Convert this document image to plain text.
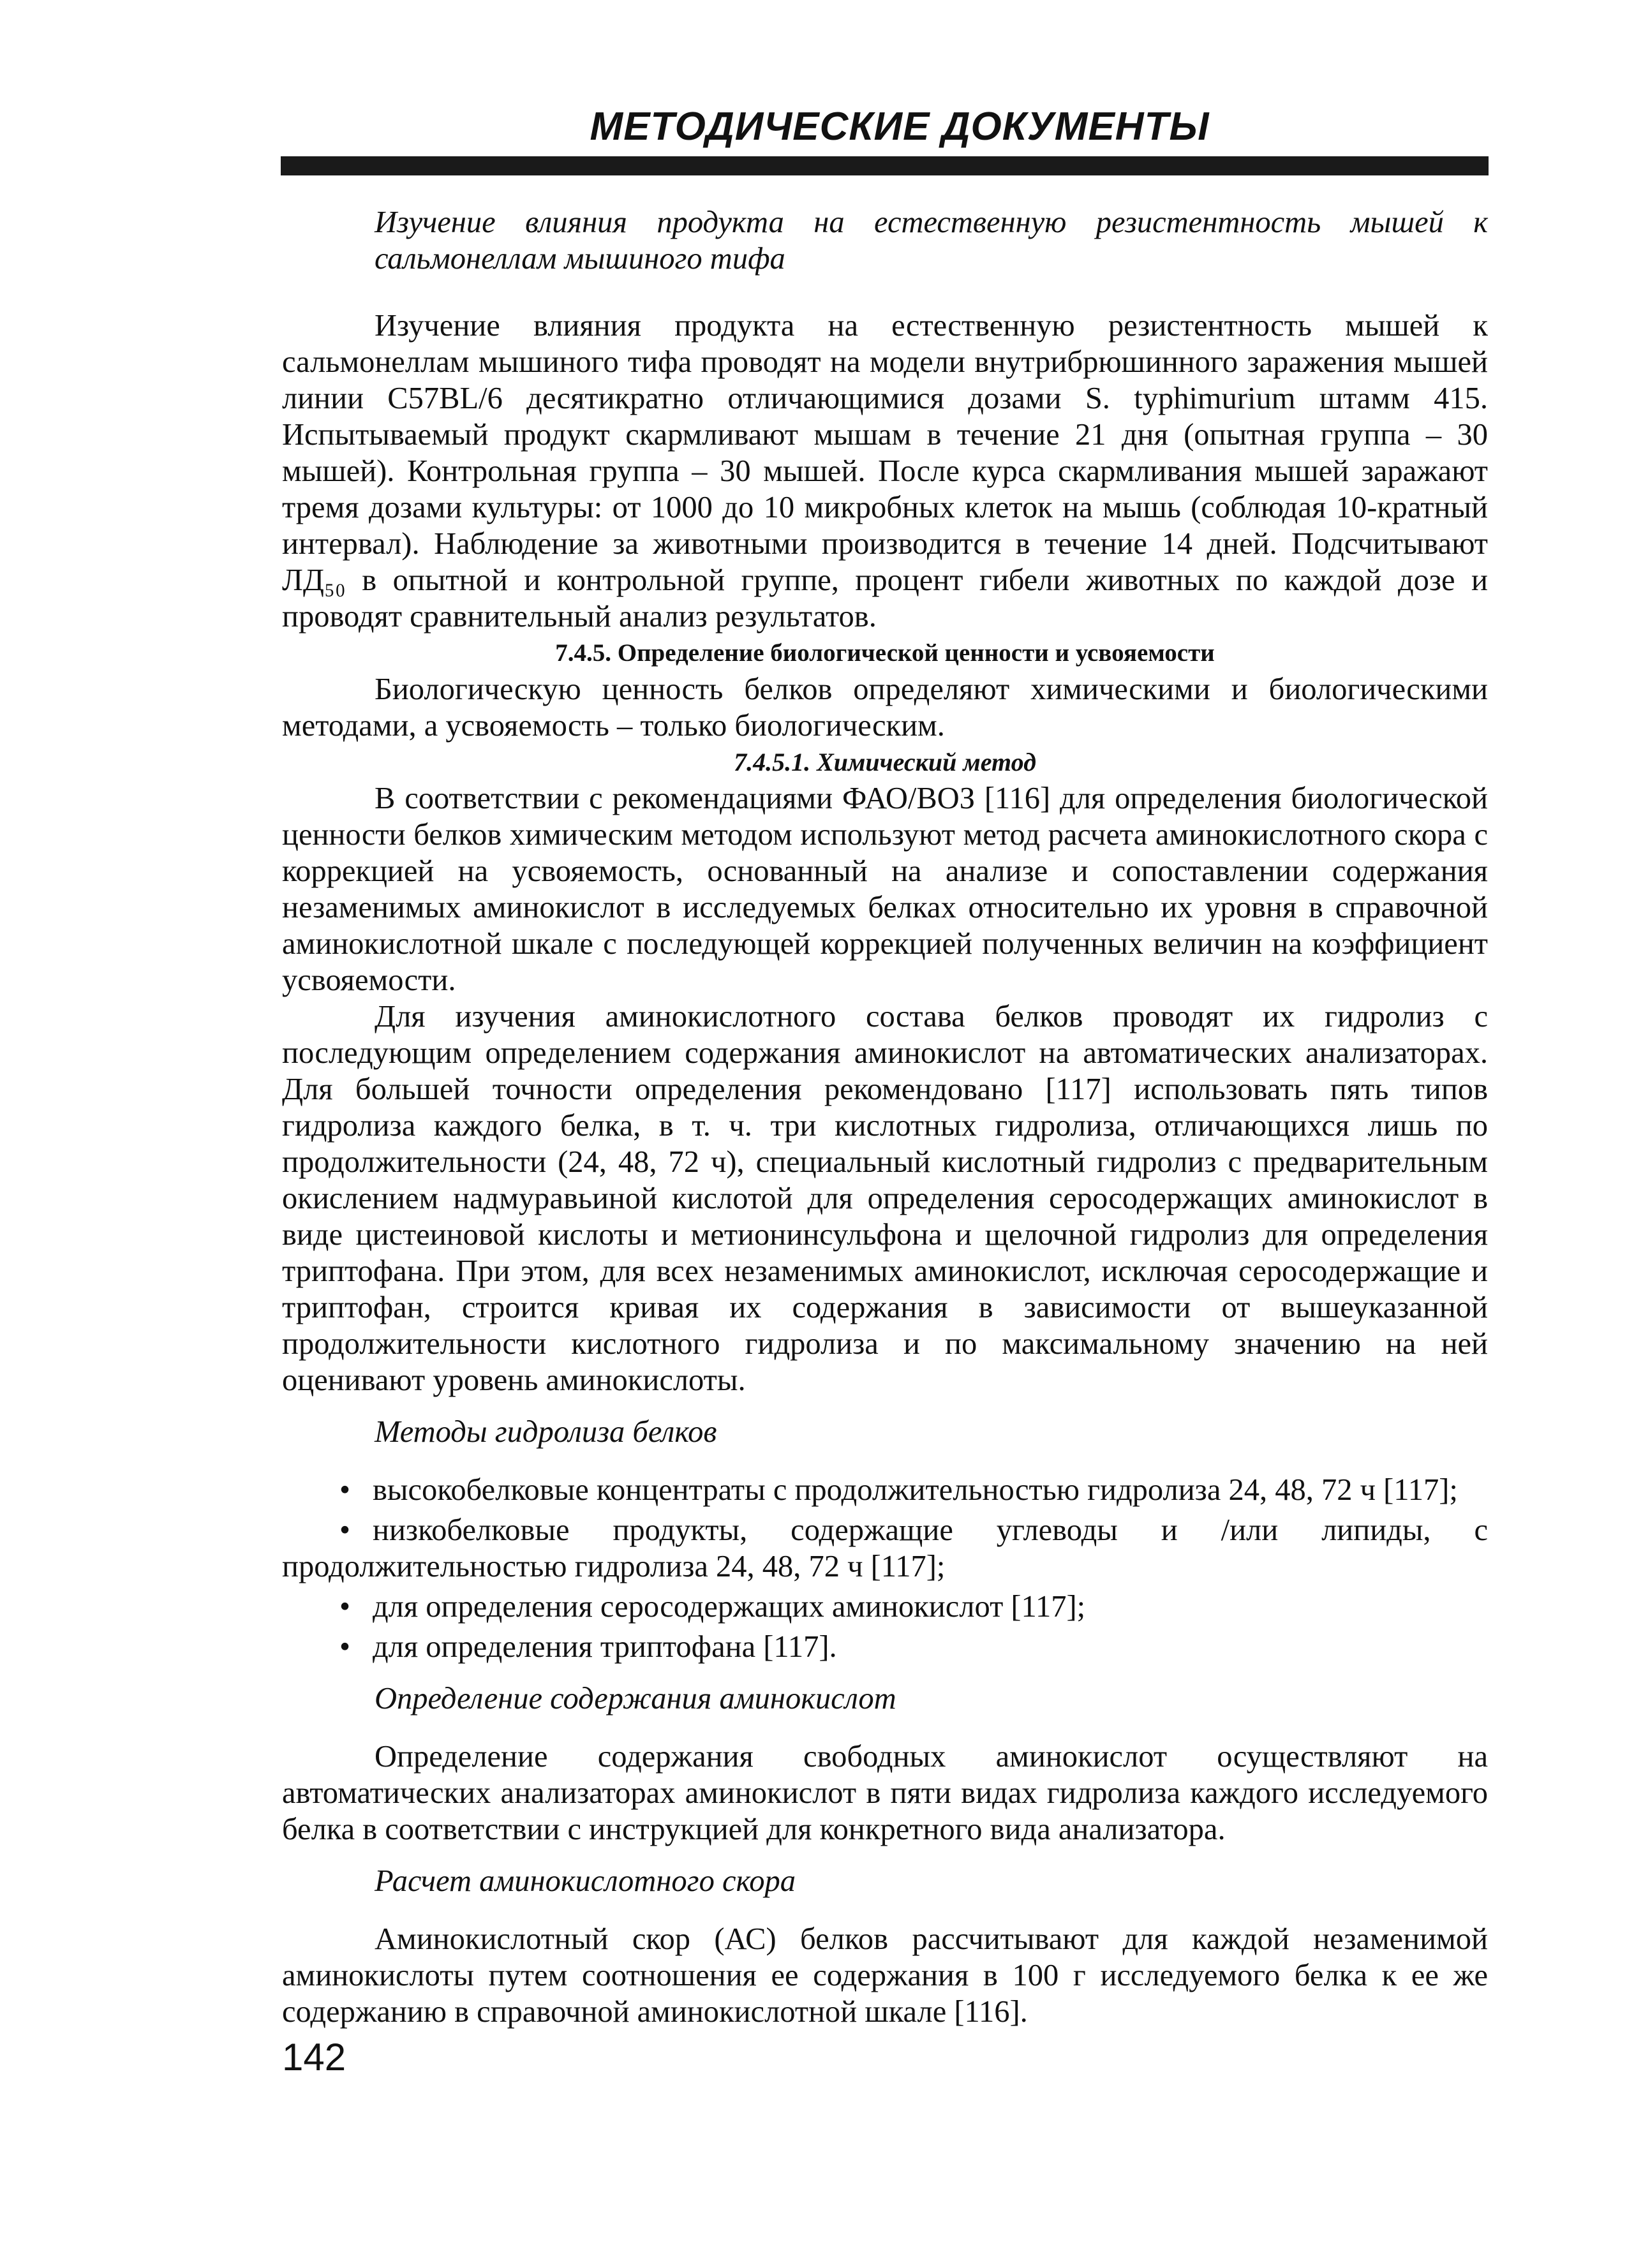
МЕТОДИЧЕСКИЕ ДОКУМЕНТЫ

Изучение влияния продукта на естественную резистентность мышей к сальмонеллам мышиного тифа

Изучение влияния продукта на естественную резистентность мышей к сальмонеллам мышиного тифа проводят на модели внутрибрюшинного заражения мышей линии C57BL/6 десятикратно отличающимися дозами S. typhimurium штамм 415. Испытываемый продукт скармливают мышам в течение 21 дня (опытная группа – 30 мышей). Контрольная группа – 30 мышей. После курса скармливания мышей заражают тремя дозами культуры: от 1000 до 10 микробных клеток на мышь (соблюдая 10-кратный интервал). Наблюдение за животными производится в течение 14 дней. Подсчитывают ЛД₅₀ в опытной и контрольной группе, процент гибели животных по каждой дозе и проводят сравнительный анализ результатов.

7.4.5. Определение биологической ценности и усвояемости

Биологическую ценность белков определяют химическими и биологическими методами, а усвояемость – только биологическим.

7.4.5.1. Химический метод

В соответствии с рекомендациями ФАО/ВОЗ [116] для определения биологической ценности белков химическим методом используют метод расчета аминокислотного скора с коррекцией на усвояемость, основанный на анализе и сопоставлении содержания незаменимых аминокислот в исследуемых белках относительно их уровня в справочной аминокислотной шкале с последующей коррекцией полученных величин на коэффициент усвояемости.

Для изучения аминокислотного состава белков проводят их гидролиз с последующим определением содержания аминокислот на автоматических анализаторах. Для большей точности определения рекомендовано [117] использовать пять типов гидролиза каждого белка, в т. ч. три кислотных гидролиза, отличающихся лишь по продолжительности (24, 48, 72 ч), специальный кислотный гидролиз с предварительным окислением надмуравьиной кислотой для определения серосодержащих аминокислот в виде цистеиновой кислоты и метионинсульфона и щелочной гидролиз для определения триптофана. При этом, для всех незаменимых аминокислот, исключая серосодержащие и триптофан, строится кривая их содержания в зависимости от вышеуказанной продолжительности кислотного гидролиза и по максимальному значению на ней оценивают уровень аминокислоты.

Методы гидролиза белков

• высокобелковые концентраты с продолжительностью гидролиза 24, 48, 72 ч [117];

• низкобелковые продукты, содержащие углеводы и /или липиды, с продолжительностью гидролиза 24, 48, 72 ч [117];

• для определения серосодержащих аминокислот [117];

• для определения триптофана [117].

Определение содержания аминокислот

Определение содержания свободных аминокислот осуществляют на автоматических анализаторах аминокислот в пяти видах гидролиза каждого исследуемого белка в соответствии с инструкцией для конкретного вида анализатора.

Расчет аминокислотного скора

Аминокислотный скор (АС) белков рассчитывают для каждой незаменимой аминокислоты путем соотношения ее содержания в 100 г исследуемого белка к ее же содержанию в справочной аминокислотной шкале [116].

142
